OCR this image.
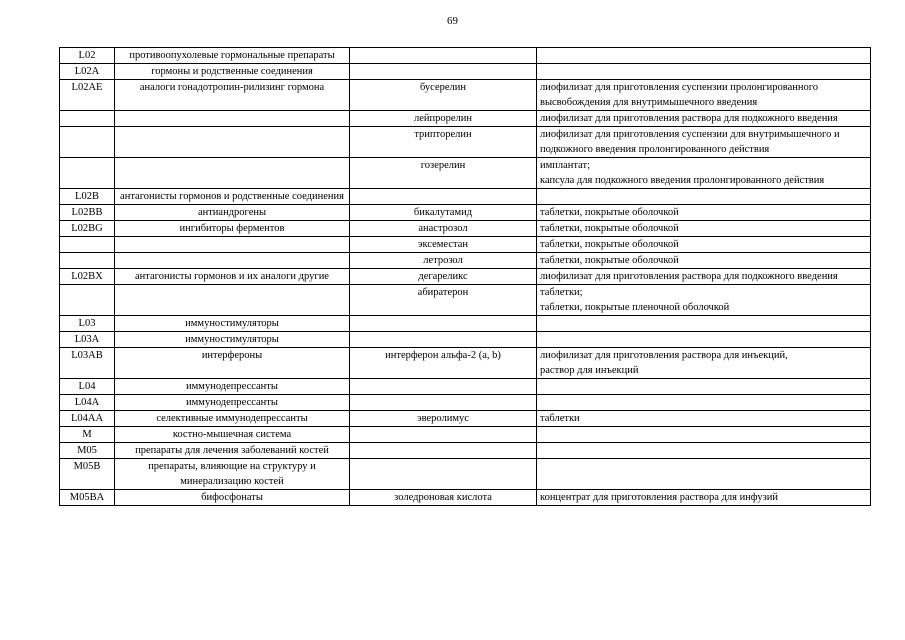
69
L02	противоопухолевые гормональные препараты		
L02A	гормоны и родственные соединения		
L02AE	аналоги гонадотропин-рилизинг гормона	бусерелин	лиофилизат для приготовления суспензии пролонгированного высвобождения для внутримышечного введения
		лейпрорелин	лиофилизат для приготовления раствора для подкожного введения
		трипторелин	лиофилизат для приготовления суспензии для внутримышечного и подкожного введения пролонгированного действия
		гозерелин	имплантат;
капсула для подкожного введения пролонгированного действия
L02B	антагонисты гормонов и родственные соединения		
L02BB	антиандрогены	бикалутамид	таблетки, покрытые оболочкой
L02BG	ингибиторы ферментов	анастрозол	таблетки, покрытые оболочкой
		эксеместан	таблетки, покрытые оболочкой
		летрозол	таблетки, покрытые оболочкой
L02BX	антагонисты гормонов и их аналоги другие	дегареликс	лиофилизат для приготовления раствора для подкожного введения
		абиратерон	таблетки;
таблетки, покрытые пленочной оболочкой
L03	иммуностимуляторы		
L03A	иммуностимуляторы		
L03AB	интерфероны	интерферон альфа-2 (a, b)	лиофилизат для приготовления раствора для инъекций,
раствор для инъекций
L04	иммунодепрессанты		
L04A	иммунодепрессанты		
L04AA	селективные иммунодепрессанты	эверолимус	таблетки
M	костно-мышечная система		
M05	препараты для лечения заболеваний костей		
M05B	препараты, влияющие на структуру и минерализацию костей		
M05BA	бифосфонаты	золедроновая кислота	концентрат для приготовления раствора для инфузий
